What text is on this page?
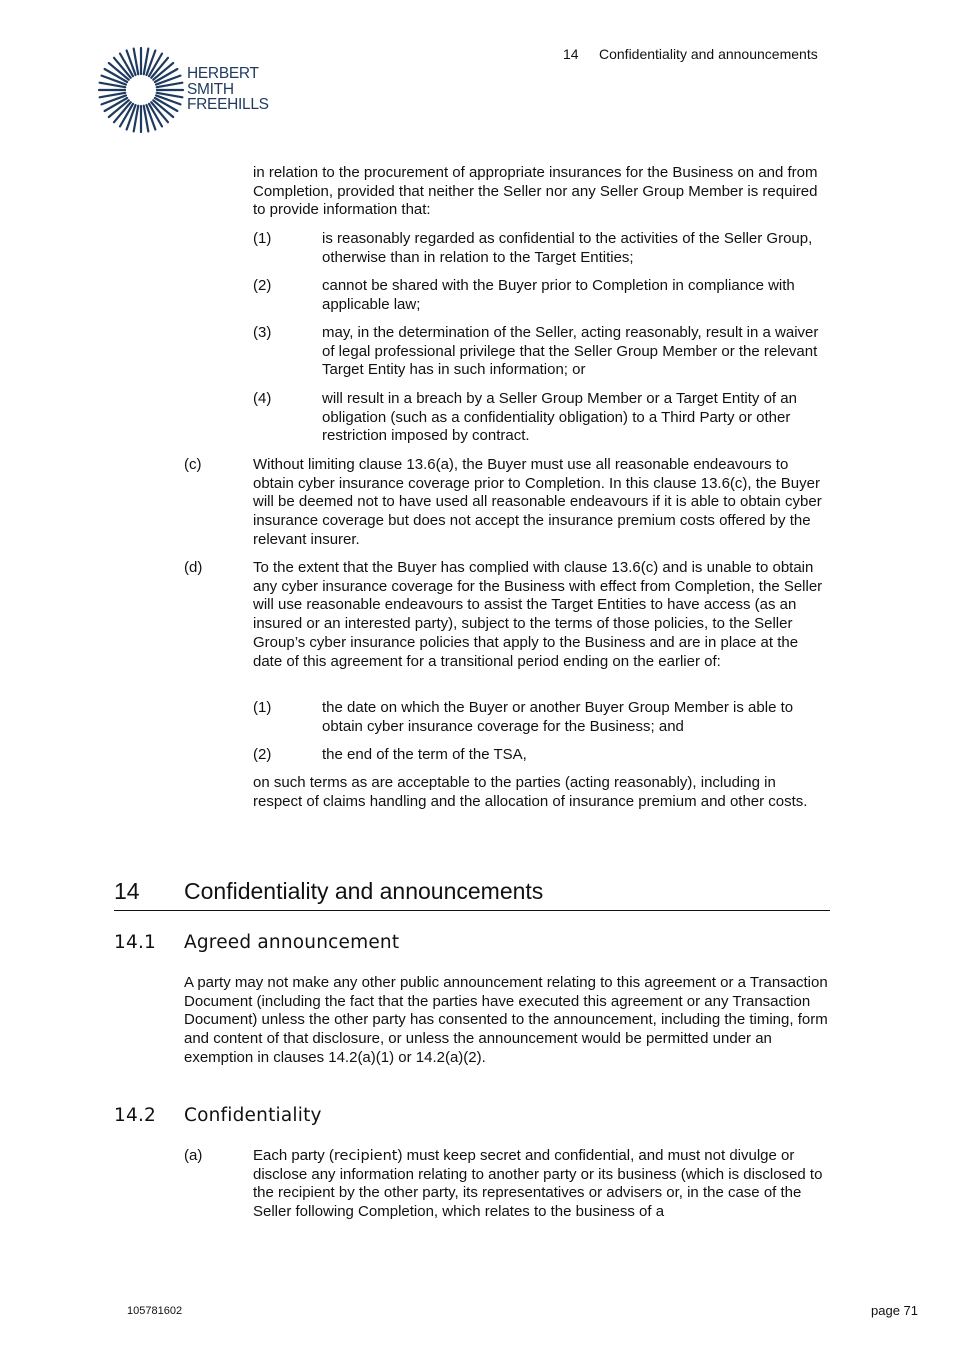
HERBERT
SMITH
FREEHILLS
14 Confidentiality and announcements

in relation to the procurement of appropriate insurances for the Business on and from Completion, provided that neither the Seller nor any Seller Group Member is required to provide information that:

(1)	is reasonably regarded as confidential to the activities of the Seller Group, otherwise than in relation to the Target Entities;

(2)	cannot be shared with the Buyer prior to Completion in compliance with applicable law;

(3)	may, in the determination of the Seller, acting reasonably, result in a waiver of legal professional privilege that the Seller Group Member or the relevant Target Entity has in such information; or

(4)	will result in a breach by a Seller Group Member or a Target Entity of an obligation (such as a confidentiality obligation) to a Third Party or other restriction imposed by contract.

(c)	Without limiting clause 13.6(a), the Buyer must use all reasonable endeavours to obtain cyber insurance coverage prior to Completion. In this clause 13.6(c), the Buyer will be deemed not to have used all reasonable endeavours if it is able to obtain cyber insurance coverage but does not accept the insurance premium costs offered by the relevant insurer.

(d)	To the extent that the Buyer has complied with clause 13.6(c) and is unable to obtain any cyber insurance coverage for the Business with effect from Completion, the Seller will use reasonable endeavours to assist the Target Entities to have access (as an insured or an interested party), subject to the terms of those policies, to the Seller Group’s cyber insurance policies that apply to the Business and are in place at the date of this agreement for a transitional period ending on the earlier of:

(1)	the date on which the Buyer or another Buyer Group Member is able to obtain cyber insurance coverage for the Business; and

(2)	the end of the term of the TSA,

on such terms as are acceptable to the parties (acting reasonably), including in respect of claims handling and the allocation of insurance premium and other costs.

14 Confidentiality and announcements
14.1 Agreed announcement

A party may not make any other public announcement relating to this agreement or a Transaction Document (including the fact that the parties have executed this agreement or any Transaction Document) unless the other party has consented to the announcement, including the timing, form and content of that disclosure, or unless the announcement would be permitted under an exemption in clauses 14.2(a)(1) or 14.2(a)(2).

14.2 Confidentiality
(a)	Each party (recipient) must keep secret and confidential, and must not divulge or disclose any information relating to another party or its business (which is disclosed to the recipient by the other party, its representatives or advisers or, in the case of the Seller following Completion, which relates to the business of a

105781602	page 71
